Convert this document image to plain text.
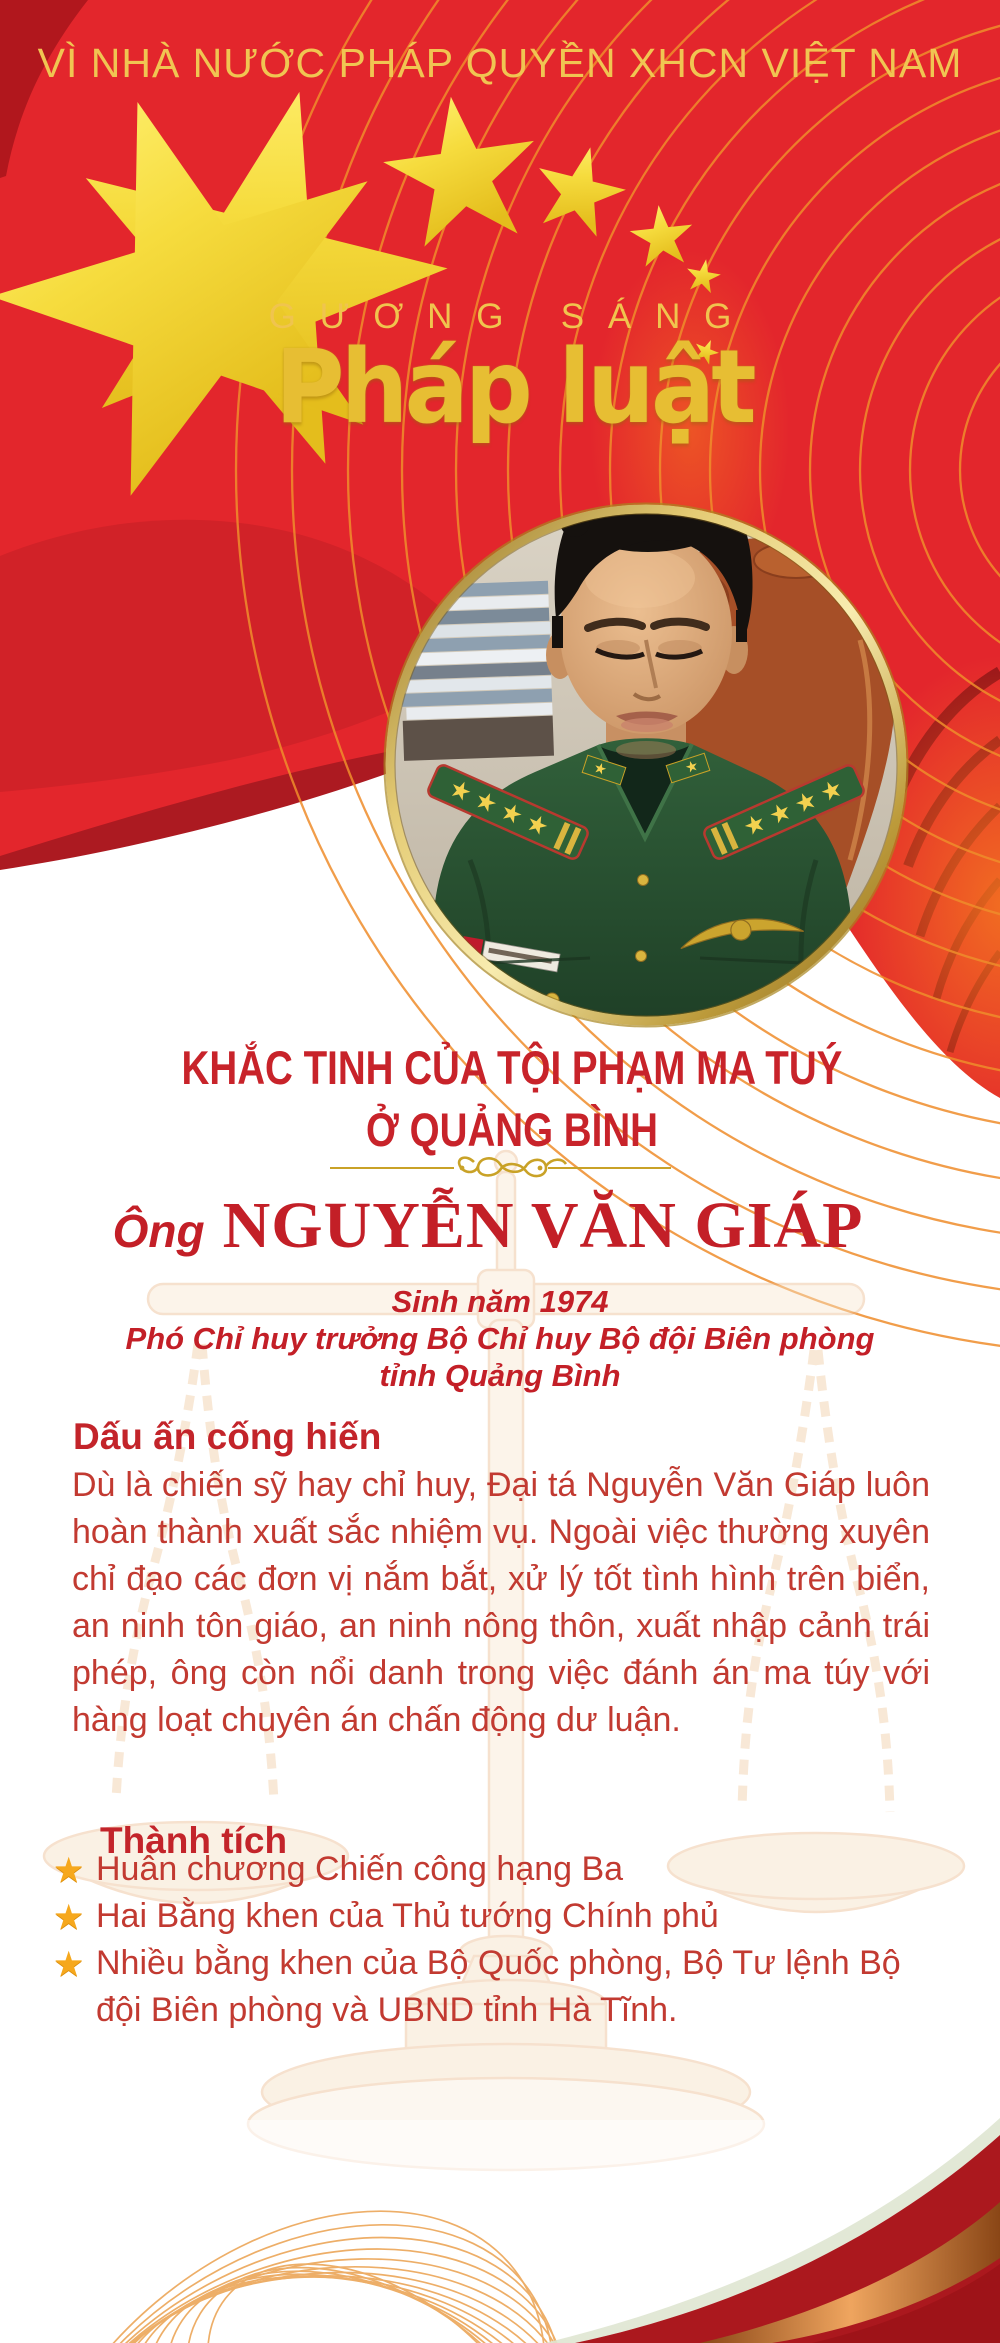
VÌ NHÀ NƯỚC PHÁP QUYỀN XHCN VIỆT NAM
GƯƠNG SÁNG
Pháp luật
KHẮC TINH CỦA TỘI PHẠM MA TUÝ
Ở QUẢNG BÌNH
Ông NGUYỄN VĂN GIÁP
Sinh năm 1974
Phó Chỉ huy trưởng Bộ Chỉ huy Bộ đội Biên phòng
tỉnh Quảng Bình
Dấu ấn cống hiến
Dù là chiến sỹ hay chỉ huy, Đại tá Nguyễn Văn Giáp luôn hoàn thành xuất sắc nhiệm vụ. Ngoài việc thường xuyên chỉ đạo các đơn vị nắm bắt, xử lý tốt tình hình trên biển, an ninh tôn giáo, an ninh nông thôn, xuất nhập cảnh trái phép, ông còn nổi danh trong việc đánh án ma túy với hàng loạt chuyên án chấn động dư luận.
Thành tích
★ Huân chương Chiến công hạng Ba
★ Hai Bằng khen của Thủ tướng Chính phủ
★ Nhiều bằng khen của Bộ Quốc phòng, Bộ Tư lệnh Bộ đội Biên phòng và UBND tỉnh Hà Tĩnh.
